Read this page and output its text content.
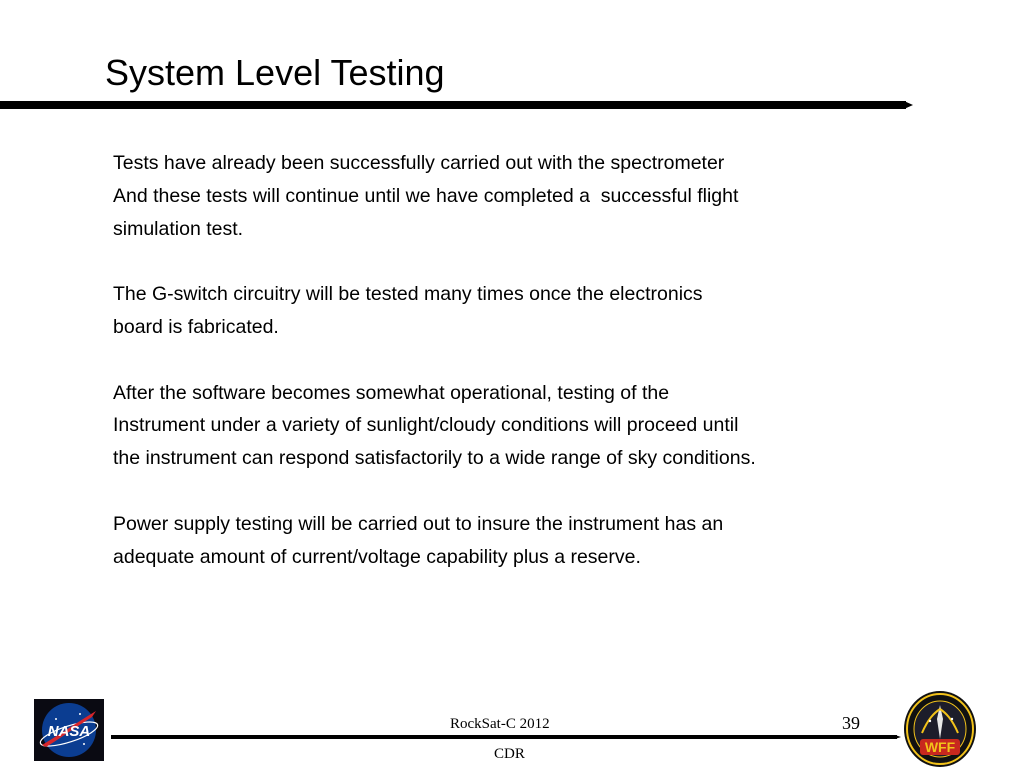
System Level Testing
Tests have already been successfully carried out with the spectrometer
And these tests will continue until we have completed a  successful flight
simulation test.
The G-switch circuitry will be tested many times once the electronics
board is fabricated.
After the software becomes somewhat operational, testing of the
Instrument under a variety of sunlight/cloudy conditions will proceed until
the instrument can respond satisfactorily to a wide range of sky conditions.
Power supply testing will be carried out to insure the instrument has an
adequate amount of current/voltage capability plus a reserve.
NASA	RockSat-C 2012
CDR
39
WFF
